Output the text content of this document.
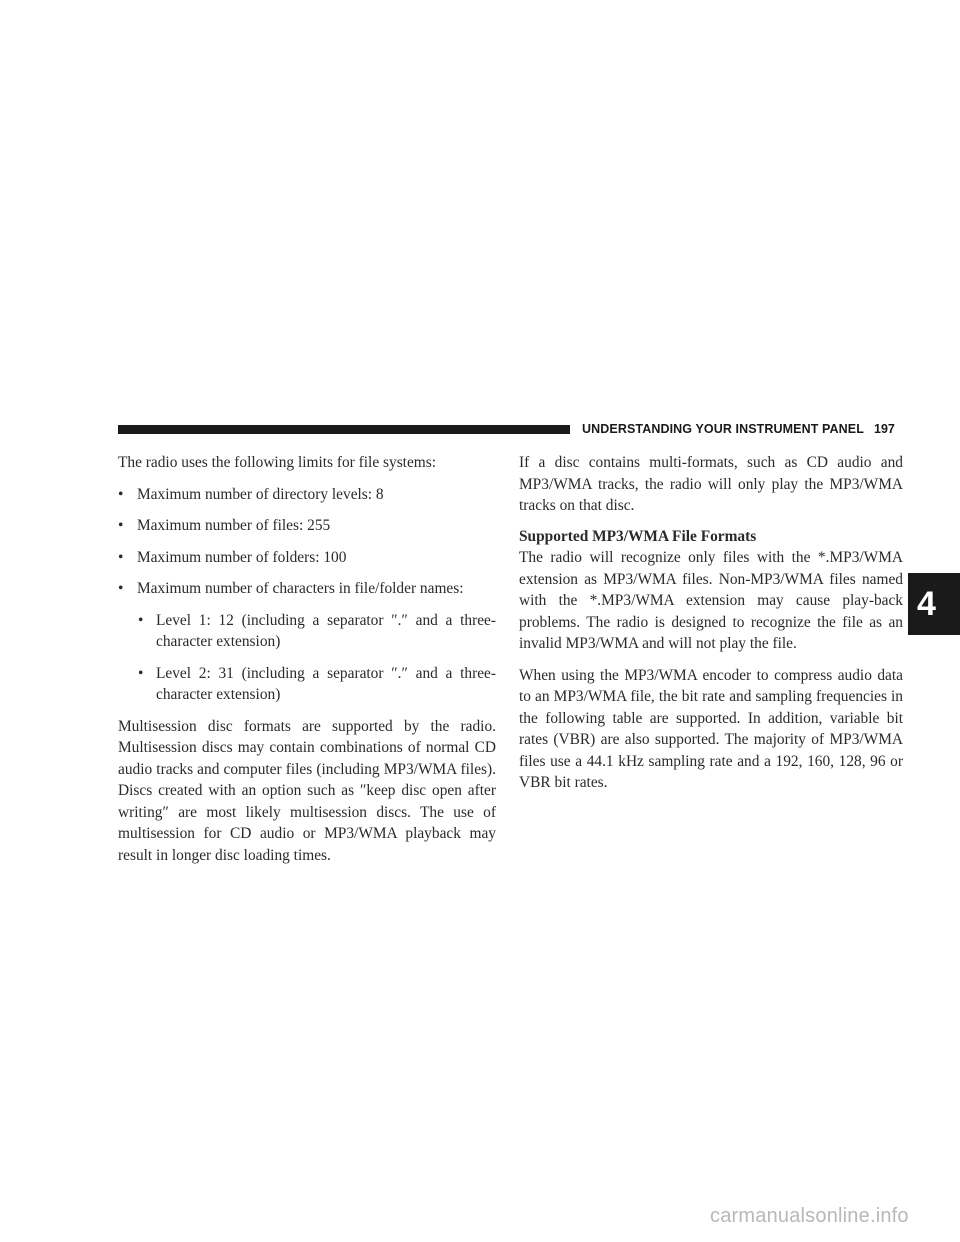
UNDERSTANDING YOUR INSTRUMENT PANEL 197
4
The radio uses the following limits for file systems:
• Maximum number of directory levels: 8
• Maximum number of files: 255
• Maximum number of folders: 100
• Maximum number of characters in file/folder names:
• Level 1: 12 (including a separator ″.″ and a three-character extension)
• Level 2: 31 (including a separator ″.″ and a three-character extension)
Multisession disc formats are supported by the radio. Multisession discs may contain combinations of normal CD audio tracks and computer files (including MP3/WMA files). Discs created with an option such as ″keep disc open after writing″ are most likely multisession discs. The use of multisession for CD audio or MP3/WMA playback may result in longer disc loading times.
If a disc contains multi-formats, such as CD audio and MP3/WMA tracks, the radio will only play the MP3/WMA tracks on that disc.
Supported MP3/WMA File Formats
The radio will recognize only files with the *.MP3/WMA extension as MP3/WMA files. Non-MP3/WMA files named with the *.MP3/WMA extension may cause play-back problems. The radio is designed to recognize the file as an invalid MP3/WMA and will not play the file.
When using the MP3/WMA encoder to compress audio data to an MP3/WMA file, the bit rate and sampling frequencies in the following table are supported. In addition, variable bit rates (VBR) are also supported. The majority of MP3/WMA files use a 44.1 kHz sampling rate and a 192, 160, 128, 96 or VBR bit rates.
carmanualsonline.info
